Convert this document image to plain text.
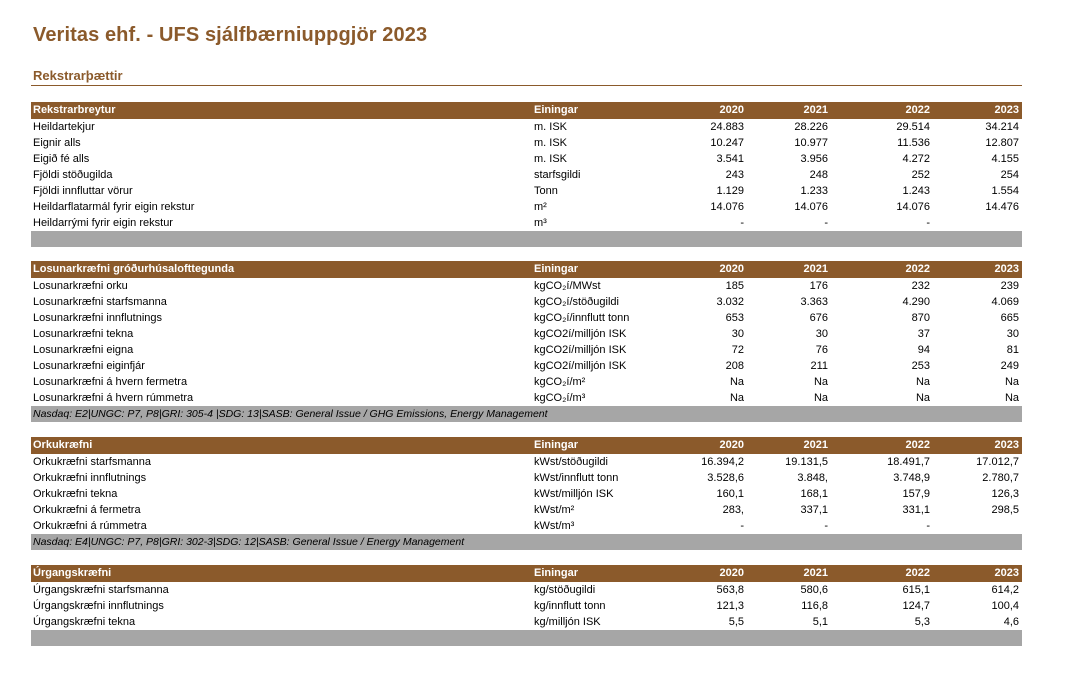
Veritas ehf. - UFS sjálfbærniuppgjör 2023
Rekstrarþættir
Rekstrarbreytur	Einingar	2020	2021	2022	2023
Heildartekjur	m. ISK	24.883	28.226	29.514	34.214
Eignir alls	m. ISK	10.247	10.977	11.536	12.807
Eigið fé alls	m. ISK	3.541	3.956	4.272	4.155
Fjöldi stöðugilda	starfsgildi	243	248	252	254
Fjöldi innfluttar vörur	Tonn	1.129	1.233	1.243	1.554
Heildarflatarmál fyrir eigin rekstur	m²	14.076	14.076	14.076	14.476
Heildarrými fyrir eigin rekstur	m³	-	-	-
Losunarkræfni gróðurhúsalofttegunda	Einingar	2020	2021	2022	2023
Losunarkræfni orku	kgCO₂í/MWst	185	176	232	239
Losunarkræfni starfsmanna	kgCO₂í/stöðugildi	3.032	3.363	4.290	4.069
Losunarkræfni innflutnings	kgCO₂í/innflutt tonn	653	676	870	665
Losunarkræfni tekna	kgCO2í/milljón ISK	30	30	37	30
Losunarkræfni eigna	kgCO2í/milljón ISK	72	76	94	81
Losunarkræfni eiginfjár	kgCO2í/milljón ISK	208	211	253	249
Losunarkræfni á hvern fermetra	kgCO₂í/m²	Na	Na	Na	Na
Losunarkræfni á hvern rúmmetra	kgCO₂í/m³	Na	Na	Na	Na
Nasdaq: E2|UNGC: P7, P8|GRI: 305-4 |SDG: 13|SASB: General Issue / GHG Emissions, Energy Management
Orkukræfni	Einingar	2020	2021	2022	2023
Orkukræfni starfsmanna	kWst/stöðugildi	16.394,2	19.131,5	18.491,7	17.012,7
Orkukræfni innflutnings	kWst/innflutt tonn	3.528,6	3.848,	3.748,9	2.780,7
Orkukræfni tekna	kWst/milljón ISK	160,1	168,1	157,9	126,3
Orkukræfni á fermetra	kWst/m²	283,	337,1	331,1	298,5
Orkukræfni á rúmmetra	kWst/m³	-	-	-
Nasdaq: E4|UNGC: P7, P8|GRI: 302-3|SDG: 12|SASB: General Issue / Energy Management
Úrgangskræfni	Einingar	2020	2021	2022	2023
Úrgangskræfni starfsmanna	kg/stöðugildi	563,8	580,6	615,1	614,2
Úrgangskræfni innflutnings	kg/innflutt tonn	121,3	116,8	124,7	100,4
Úrgangskræfni tekna	kg/milljón ISK	5,5	5,1	5,3	4,6
